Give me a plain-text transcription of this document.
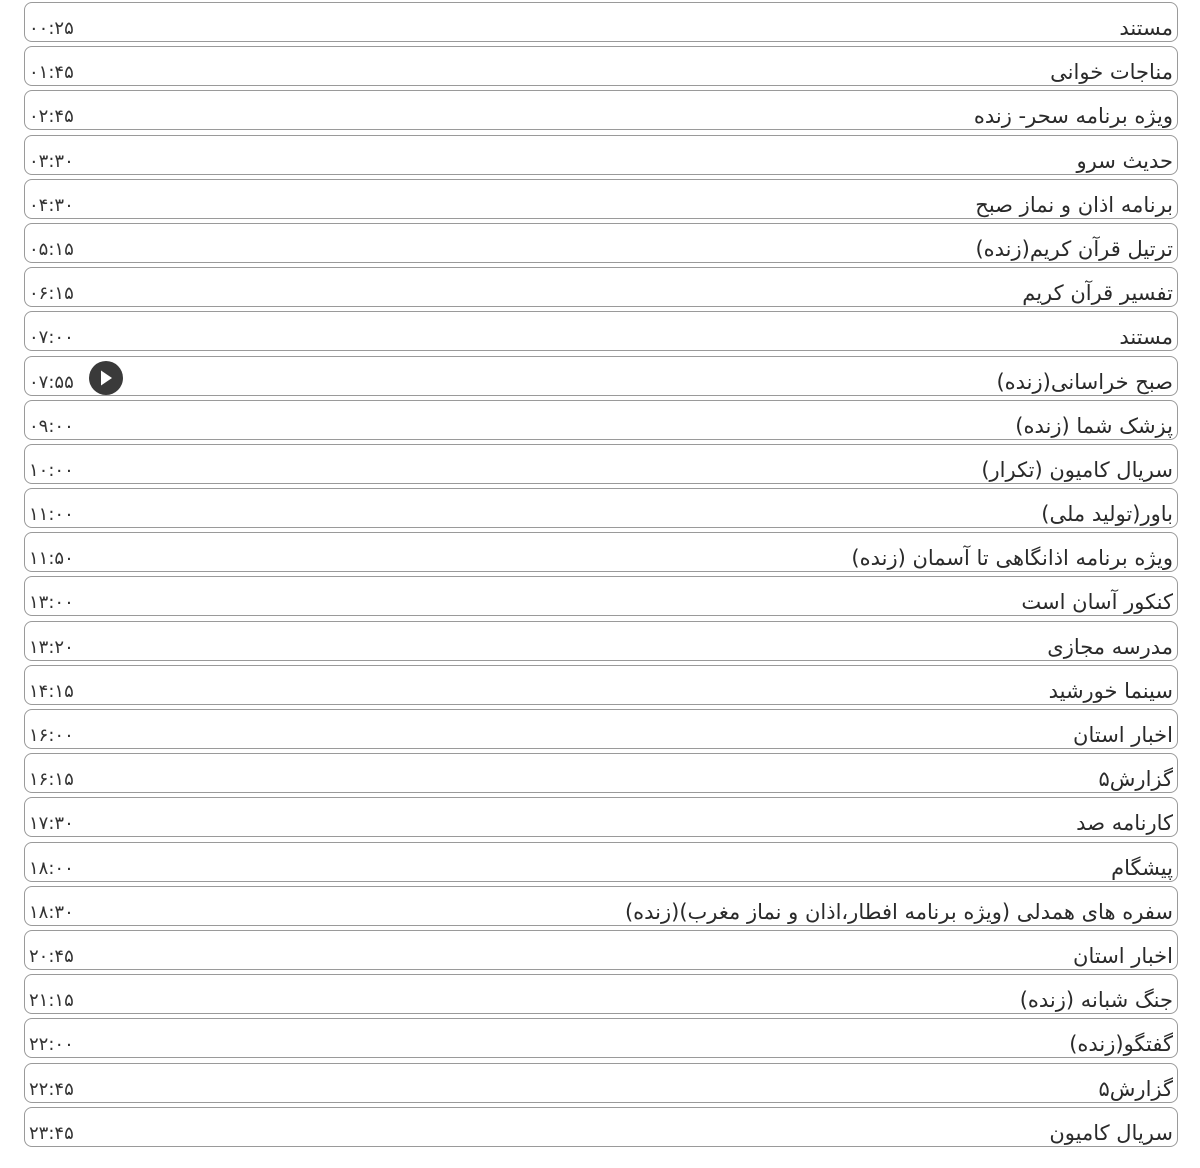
مستند
۰۰:۲۵
مناجات خوانی
۰۱:۴۵
ویژه برنامه سحر- زنده
۰۲:۴۵
حدیث سرو
۰۳:۳۰
برنامه اذان و نماز صبح
۰۴:۳۰
ترتیل قرآن کریم(زنده)
۰۵:۱۵
تفسیر قرآن کریم
۰۶:۱۵
مستند
۰۷:۰۰
صبح خراسانی(زنده)
۰۷:۵۵
پزشک شما (زنده)
۰۹:۰۰
سریال کامیون (تکرار)
۱۰:۰۰
باور(تولید ملی)
۱۱:۰۰
ویژه برنامه اذانگاهی تا آسمان (زنده)
۱۱:۵۰
کنکور آسان است
۱۳:۰۰
مدرسه مجازی
۱۳:۲۰
سینما خورشید
۱۴:۱۵
اخبار استان
۱۶:۰۰
گزارش۵
۱۶:۱۵
کارنامه صد
۱۷:۳۰
پیشگام
۱۸:۰۰
سفره های همدلی (ویژه برنامه افطار،اذان و نماز مغرب)(زنده)
۱۸:۳۰
اخبار استان
۲۰:۴۵
جنگ شبانه (زنده)
۲۱:۱۵
گفتگو(زنده)
۲۲:۰۰
گزارش۵
۲۲:۴۵
سریال کامیون
۲۳:۴۵
